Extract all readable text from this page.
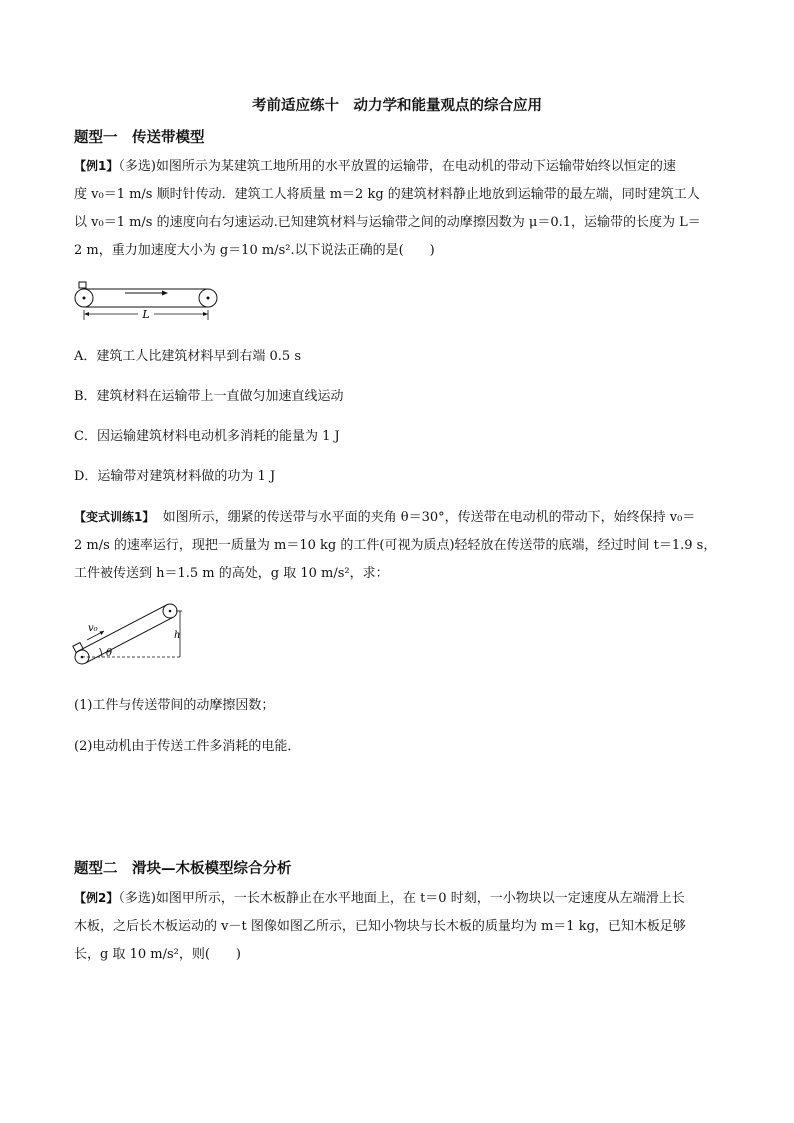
考前适应练十　动力学和能量观点的综合应用
题型一　传送带模型
【例1】（多选)如图所示为某建筑工地所用的水平放置的运输带，在电动机的带动下运输带始终以恒定的速
度 v₀＝1 m/s 顺时针传动．建筑工人将质量 m＝2 kg 的建筑材料静止地放到运输带的最左端，同时建筑工人
以 v₀＝1 m/s 的速度向右匀速运动.已知建筑材料与运输带之间的动摩擦因数为 μ＝0.1，运输带的长度为 L＝
2 m，重力加速度大小为 g＝10 m/s².以下说法正确的是(　　)
L
A．建筑工人比建筑材料早到右端 0.5 s
B．建筑材料在运输带上一直做匀加速直线运动
C．因运输建筑材料电动机多消耗的能量为 1 J
D．运输带对建筑材料做的功为 1 J
【变式训练1】 如图所示，绷紧的传送带与水平面的夹角 θ＝30°，传送带在电动机的带动下，始终保持 v₀＝
2 m/s 的速率运行，现把一质量为 m＝10 kg 的工件(可视为质点)轻轻放在传送带的底端，经过时间 t＝1.9 s，
工件被传送到 h＝1.5 m 的高处，g 取 10 m/s²，求：
v₀
h
θ
(1)工件与传送带间的动摩擦因数；
(2)电动机由于传送工件多消耗的电能．
题型二　滑块—木板模型综合分析
【例2】（多选)如图甲所示，一长木板静止在水平地面上，在 t＝0 时刻，一小物块以一定速度从左端滑上长
木板，之后长木板运动的 v－t 图像如图乙所示，已知小物块与长木板的质量均为 m＝1 kg，已知木板足够
长，g 取 10 m/s²，则(　　)
